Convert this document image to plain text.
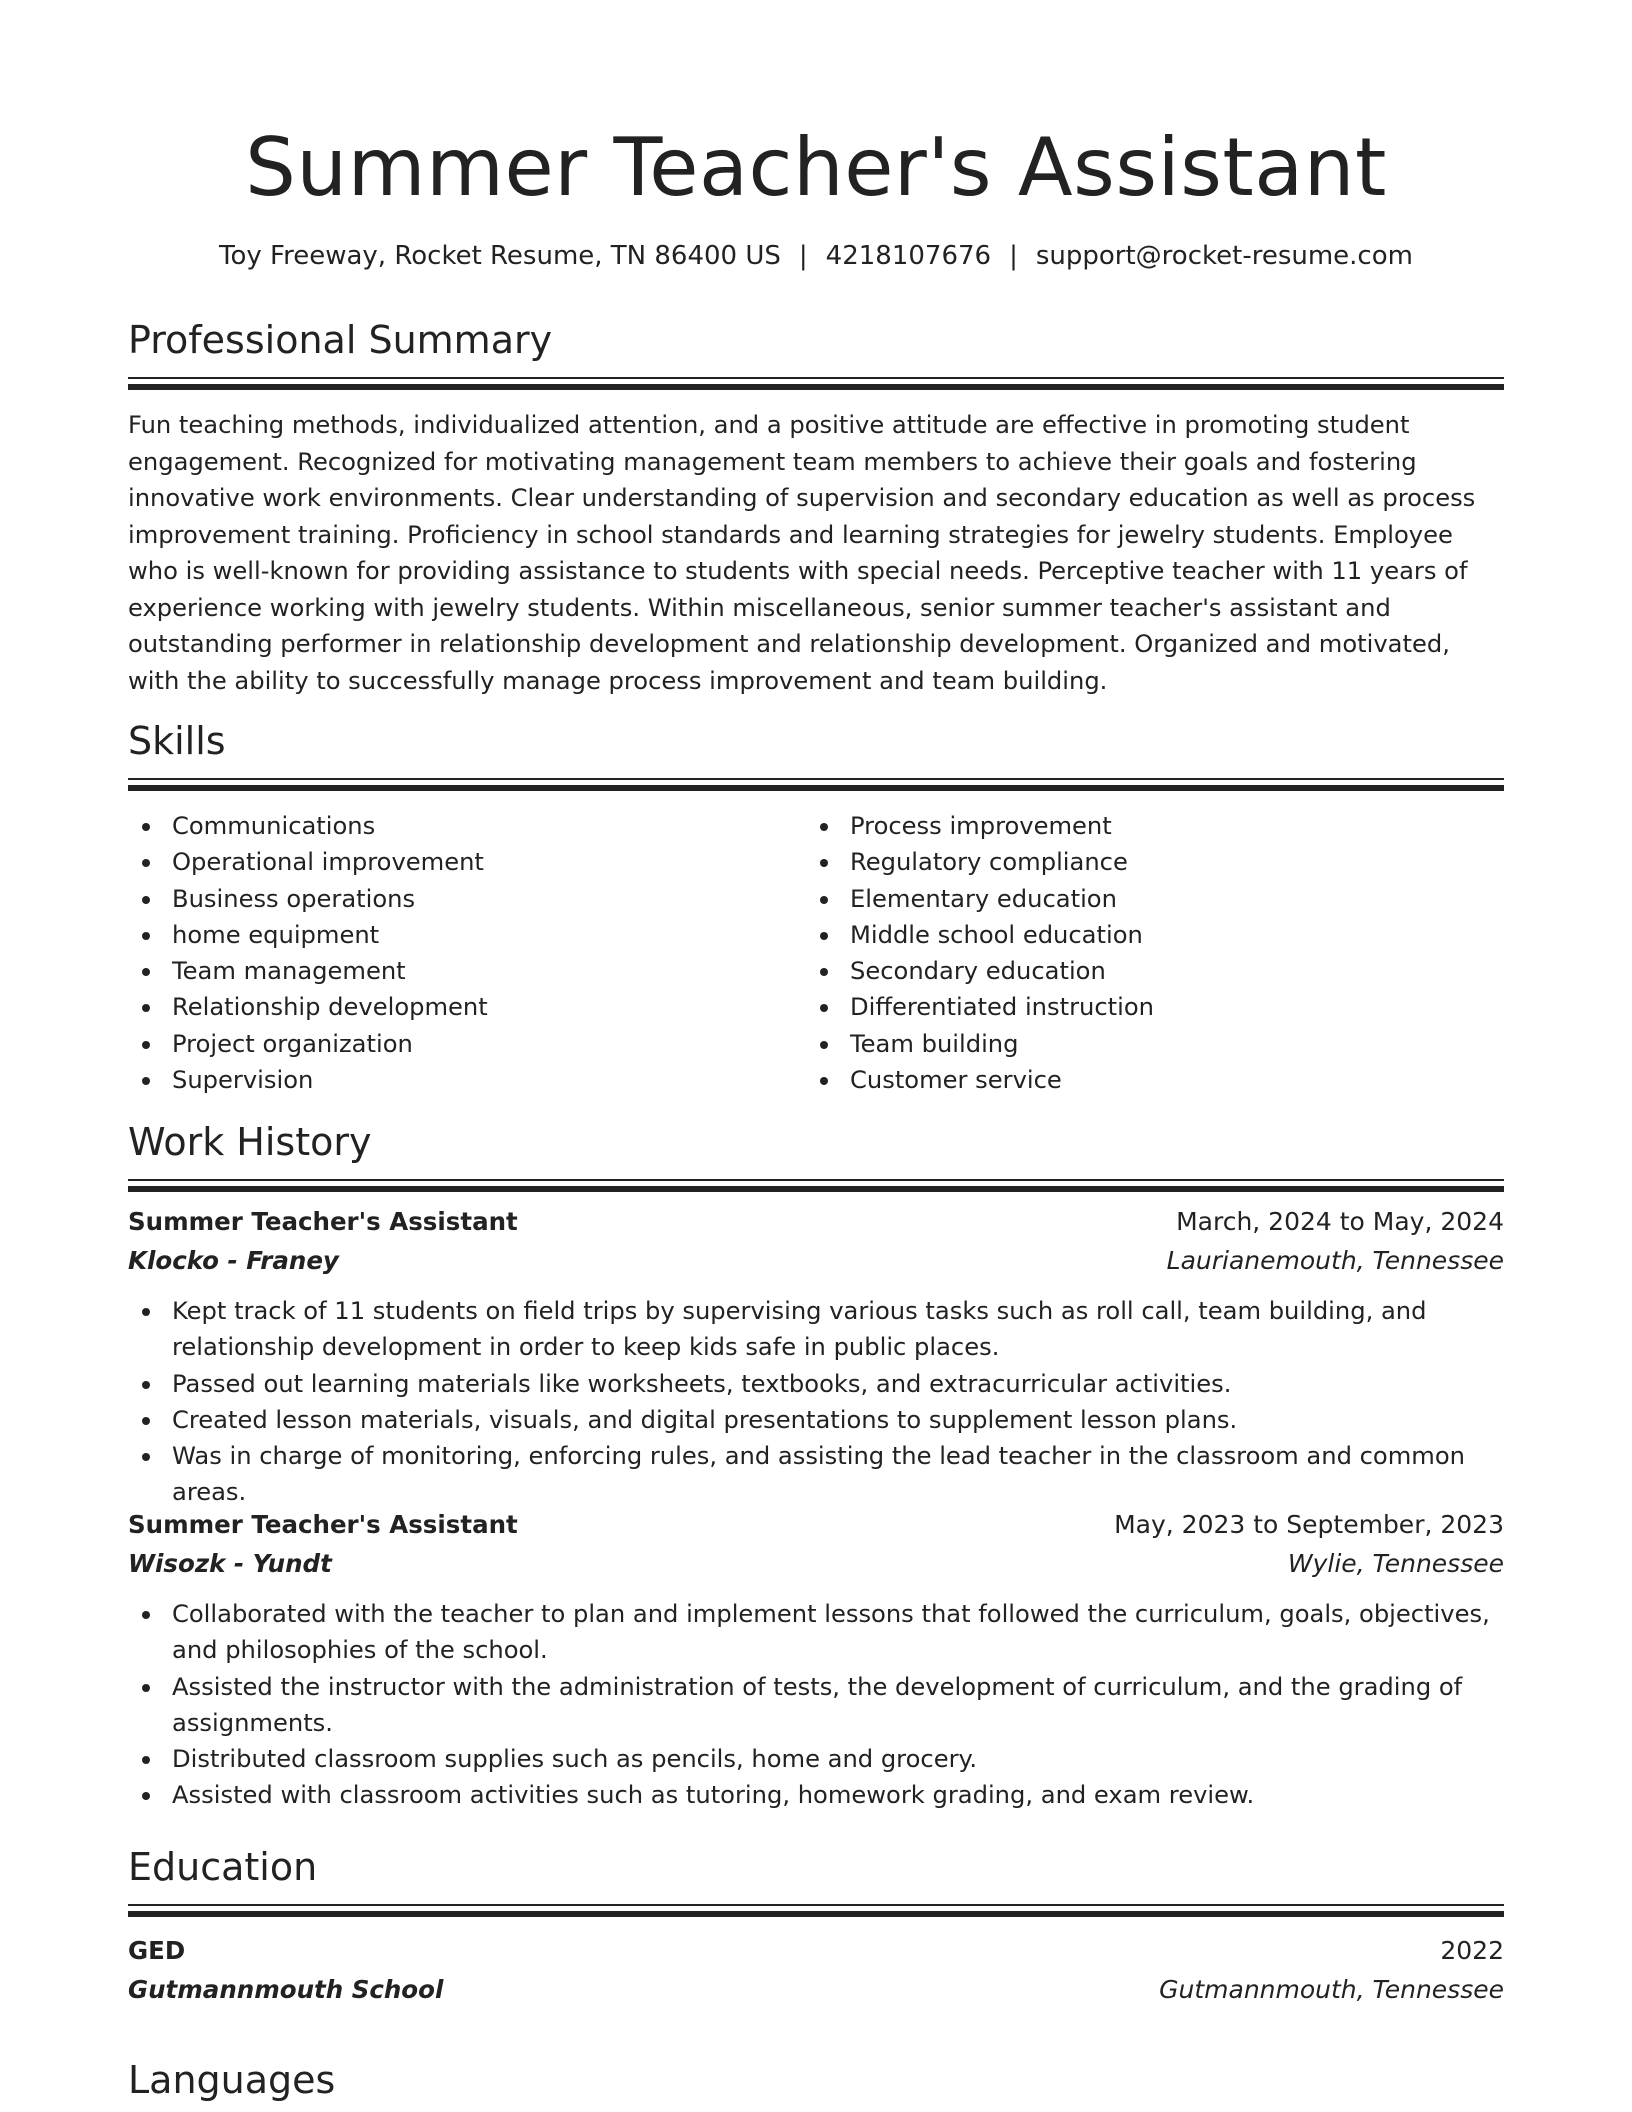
Summer Teacher's Assistant
Toy Freeway, Rocket Resume, TN 86400 US | 4218107676 | support@rocket-resume.com
Professional Summary
Fun teaching methods, individualized attention, and a positive attitude are effective in promoting student engagement. Recognized for motivating management team members to achieve their goals and fostering innovative work environments. Clear understanding of supervision and secondary education as well as process improvement training. Proficiency in school standards and learning strategies for jewelry students. Employee who is well-known for providing assistance to students with special needs. Perceptive teacher with 11 years of experience working with jewelry students. Within miscellaneous, senior summer teacher's assistant and outstanding performer in relationship development and relationship development. Organized and motivated, with the ability to successfully manage process improvement and team building.
Skills
Communications
Operational improvement
Business operations
home equipment
Team management
Relationship development
Project organization
Supervision
Process improvement
Regulatory compliance
Elementary education
Middle school education
Secondary education
Differentiated instruction
Team building
Customer service
Work History
Summer Teacher's Assistant	March, 2024 to May, 2024
Klocko - Franey	Laurianemouth, Tennessee
Kept track of 11 students on field trips by supervising various tasks such as roll call, team building, and relationship development in order to keep kids safe in public places.
Passed out learning materials like worksheets, textbooks, and extracurricular activities.
Created lesson materials, visuals, and digital presentations to supplement lesson plans.
Was in charge of monitoring, enforcing rules, and assisting the lead teacher in the classroom and common areas.
Summer Teacher's Assistant	May, 2023 to September, 2023
Wisozk - Yundt	Wylie, Tennessee
Collaborated with the teacher to plan and implement lessons that followed the curriculum, goals, objectives, and philosophies of the school.
Assisted the instructor with the administration of tests, the development of curriculum, and the grading of assignments.
Distributed classroom supplies such as pencils, home and grocery.
Assisted with classroom activities such as tutoring, homework grading, and exam review.
Education
GED	2022
Gutmannmouth School	Gutmannmouth, Tennessee
Languages
